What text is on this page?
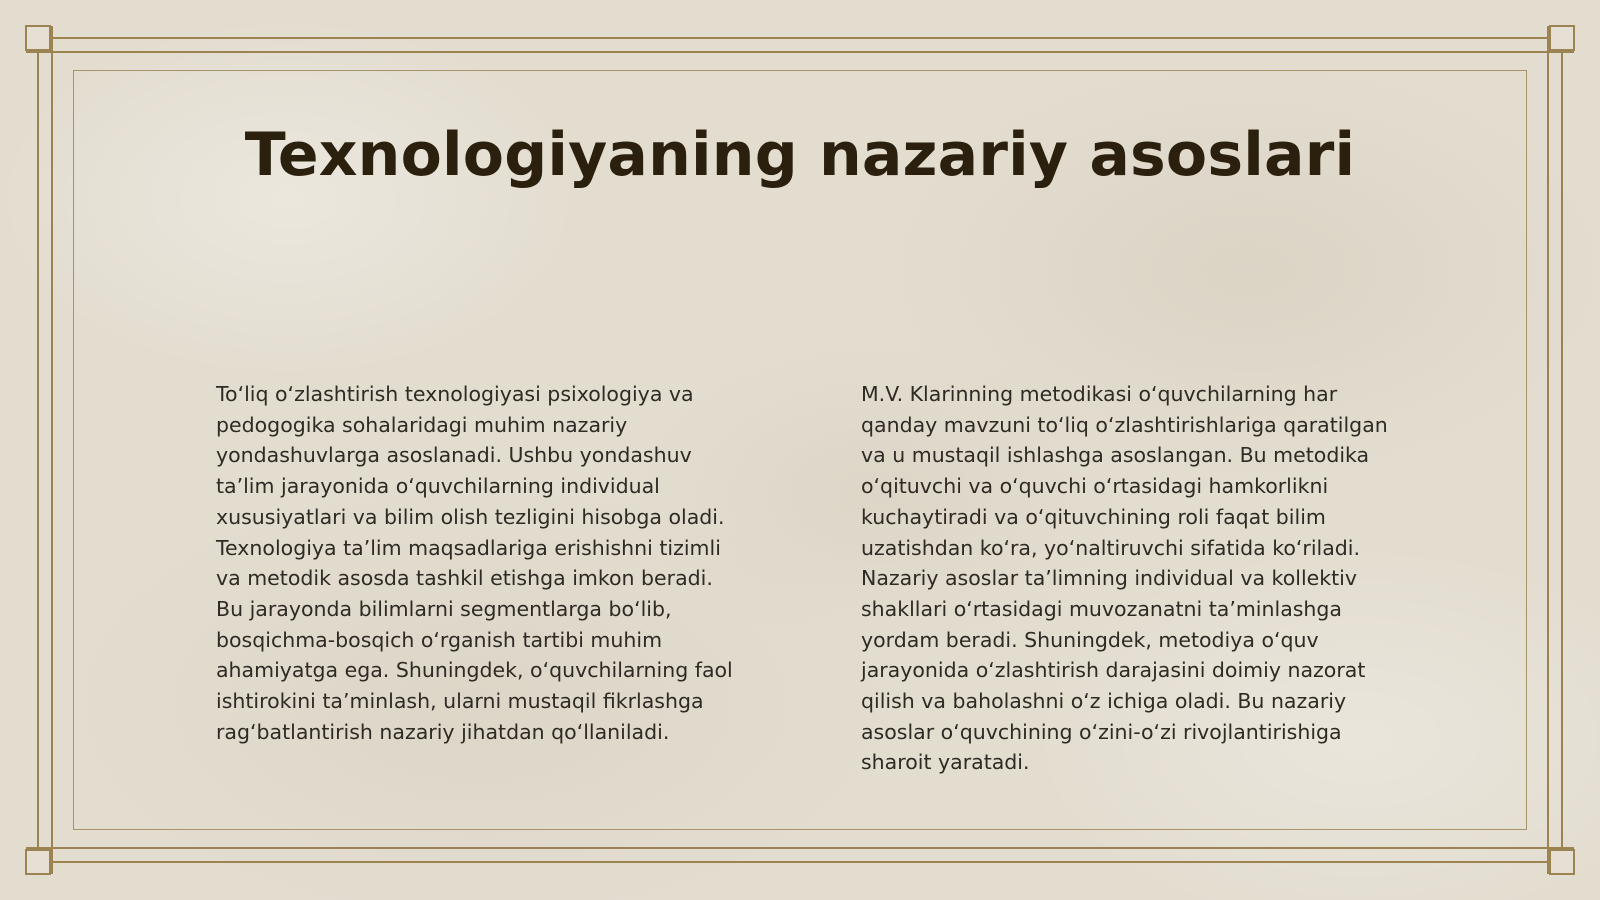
Texnologiyaning nazariy asoslari

To‘liq o‘zlashtirish texnologiyasi psixologiya va pedogogika sohalaridagi muhim nazariy yondashuvlarga asoslanadi. Ushbu yondashuv ta’lim jarayonida o‘quvchilarning individual xususiyatlari va bilim olish tezligini hisobga oladi. Texnologiya ta’lim maqsadlariga erishishni tizimli va metodik asosda tashkil etishga imkon beradi. Bu jarayonda bilimlarni segmentlarga bo‘lib, bosqichma-bosqich o‘rganish tartibi muhim ahamiyatga ega. Shuningdek, o‘quvchilarning faol ishtirokini ta’minlash, ularni mustaqil fikrlashga rag‘batlantirish nazariy jihatdan qo‘llaniladi.

M.V. Klarinning metodikasi o‘quvchilarning har qanday mavzuni to‘liq o‘zlashtirishlariga qaratilgan va u mustaqil ishlashga asoslangan. Bu metodika o‘qituvchi va o‘quvchi o‘rtasidagi hamkorlikni kuchaytiradi va o‘qituvchining roli faqat bilim uzatishdan ko‘ra, yo‘naltiruvchi sifatida ko‘riladi. Nazariy asoslar ta’limning individual va kollektiv shakllari o‘rtasidagi muvozanatni ta’minlashga yordam beradi. Shuningdek, metodiya o‘quv jarayonida o‘zlashtirish darajasini doimiy nazorat qilish va baholashni o‘z ichiga oladi. Bu nazariy asoslar o‘quvchining o‘zini-o‘zi rivojlantirishiga sharoit yaratadi.
